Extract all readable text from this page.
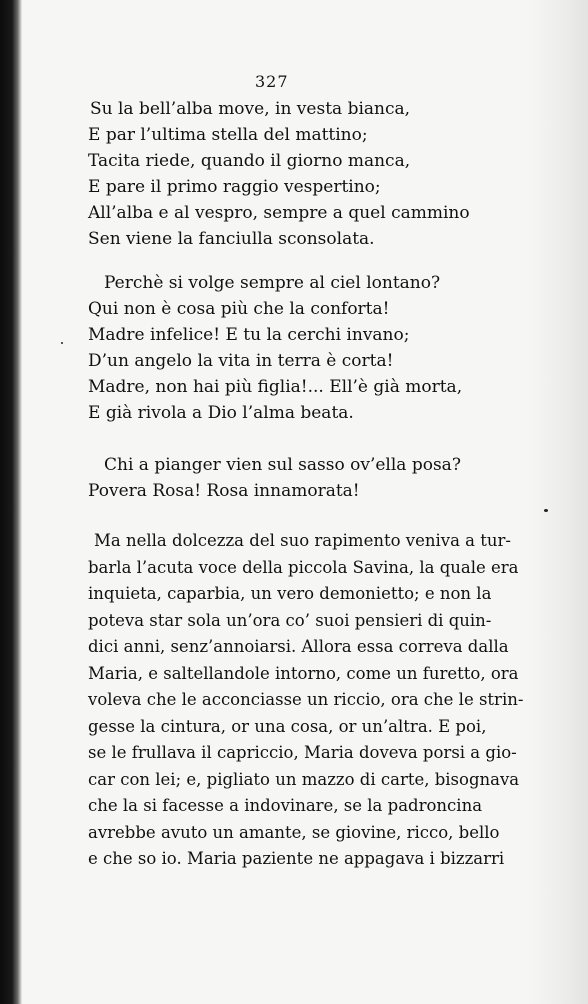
327
Su la bell’alba move, in vesta bianca,
E par l’ultima stella del mattino;
Tacita riede, quando il giorno manca,
E pare il primo raggio vespertino;
All’alba e al vespro, sempre a quel cammino
Sen viene la fanciulla sconsolata.
Perchè si volge sempre al ciel lontano?
Qui non è cosa più che la conforta!
Madre infelice! E tu la cerchi invano;
D’un angelo la vita in terra è corta!
Madre, non hai più figlia!... Ell’è già morta,
E già rivola a Dio l’alma beata.
Chi a pianger vien sul sasso ov’ella posa?
Povera Rosa! Rosa innamorata!
Ma nella dolcezza del suo rapimento veniva a tur-
barla l’acuta voce della piccola Savina, la quale era
inquieta, caparbia, un vero demonietto; e non la
poteva star sola un’ora co’ suoi pensieri di quin-
dici anni, senz’annoiarsi. Allora essa correva dalla
Maria, e saltellandole intorno, come un furetto, ora
voleva che le acconciasse un riccio, ora che le strin-
gesse la cintura, or una cosa, or un’altra. E poi,
se le frullava il capriccio, Maria doveva porsi a gio-
car con lei; e, pigliato un mazzo di carte, bisognava
che la si facesse a indovinare, se la padroncina
avrebbe avuto un amante, se giovine, ricco, bello
e che so io. Maria paziente ne appagava i bizzarri
